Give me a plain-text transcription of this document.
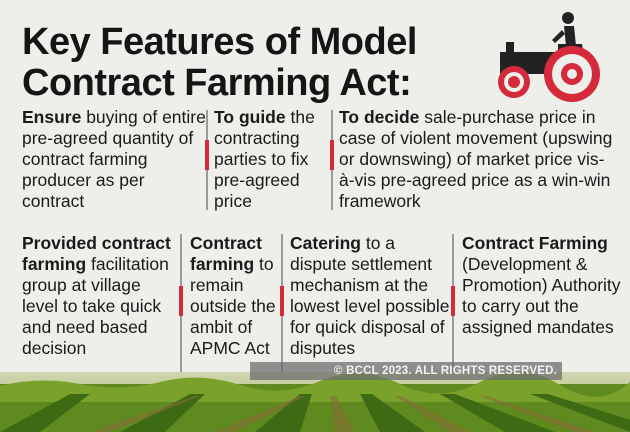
Key Features of Model
Contract Farming Act:
Ensure buying of entire pre-agreed quantity of contract farming producer as per contract
To guide the contracting parties to fix pre-agreed price
To decide sale-purchase price in case of violent movement (upswing or downswing) of market price vis-à-vis pre-agreed price as a win-win framework
Provided contract farming facilitation group at village level to take quick and need based decision
Contract farming to remain outside the ambit of APMC Act
Catering to a dispute settlement mechanism at the lowest level possible for quick disposal of disputes
Contract Farming (Development & Promotion) Authority to carry out the assigned mandates
© BCCL 2023. ALL RIGHTS RESERVED.
